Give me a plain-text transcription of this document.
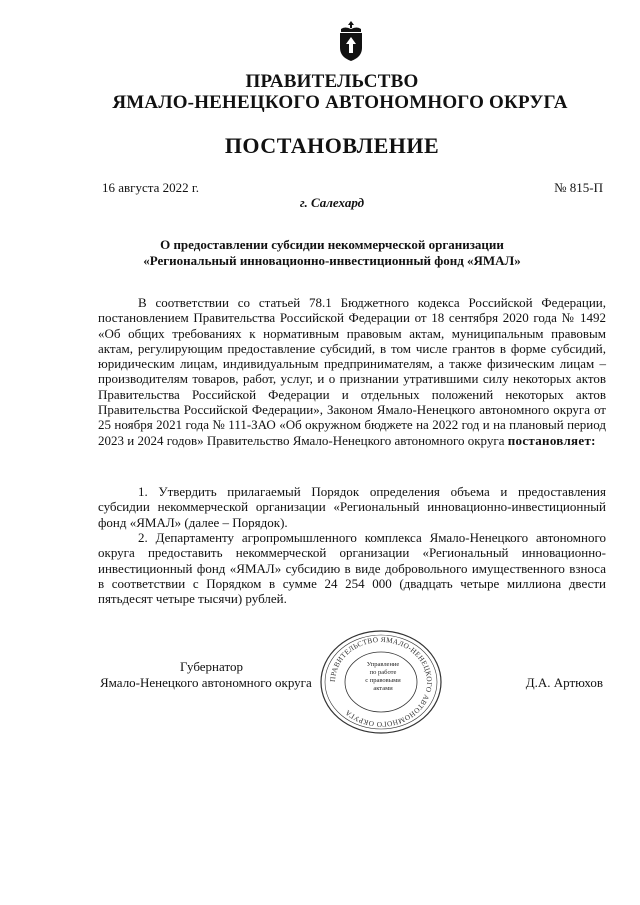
ПРАВИТЕЛЬСТВО
ЯМАЛО-НЕНЕЦКОГО АВТОНОМНОГО ОКРУГА
ПОСТАНОВЛЕНИЕ
16 августа 2022 г.	№ 815-П
г. Салехард
О предоставлении субсидии некоммерческой организации
«Региональный инновационно-инвестиционный фонд «ЯМАЛ»

В соответствии со статьей 78.1 Бюджетного кодекса Российской Федерации, постановлением Правительства Российской Федерации от 18 сентября 2020 года № 1492 «Об общих требованиях к нормативным правовым актам, муниципальным правовым актам, регулирующим предоставление субсидий, в том числе грантов в форме субсидий, юридическим лицам, индивидуальным предпринимателям, а также физическим лицам – производителям товаров, работ, услуг, и о признании утратившими силу некоторых актов Правительства Российской Федерации и отдельных положений некоторых актов Правительства Российской Федерации», Законом Ямало-Ненецкого автономного округа от 25 ноября 2021 года № 111-ЗАО «Об окружном бюджете на 2022 год и на плановый период 2023 и 2024 годов» Правительство Ямало-Ненецкого автономного округа постановляет:

1. Утвердить прилагаемый Порядок определения объема и предоставления субсидии некоммерческой организации «Региональный инновационно-инвестиционный фонд «ЯМАЛ» (далее – Порядок).

2. Департаменту агропромышленного комплекса Ямало-Ненецкого автономного округа предоставить некоммерческой организации «Региональный инновационно-инвестиционный фонд «ЯМАЛ» субсидию в виде добровольного имущественного взноса в соответствии с Порядком в сумме 24 254 000 (двадцать четыре миллиона двести пятьдесят четыре тысячи) рублей.

Губернатор
Ямало-Ненецкого автономного округа	Д.А. Артюхов
ПРАВИТЕЛЬСТВО ЯМАЛО-НЕНЕЦКОГО АВТОНОМНОГО ОКРУГА
Управление
по работе
с правовыми
актами
